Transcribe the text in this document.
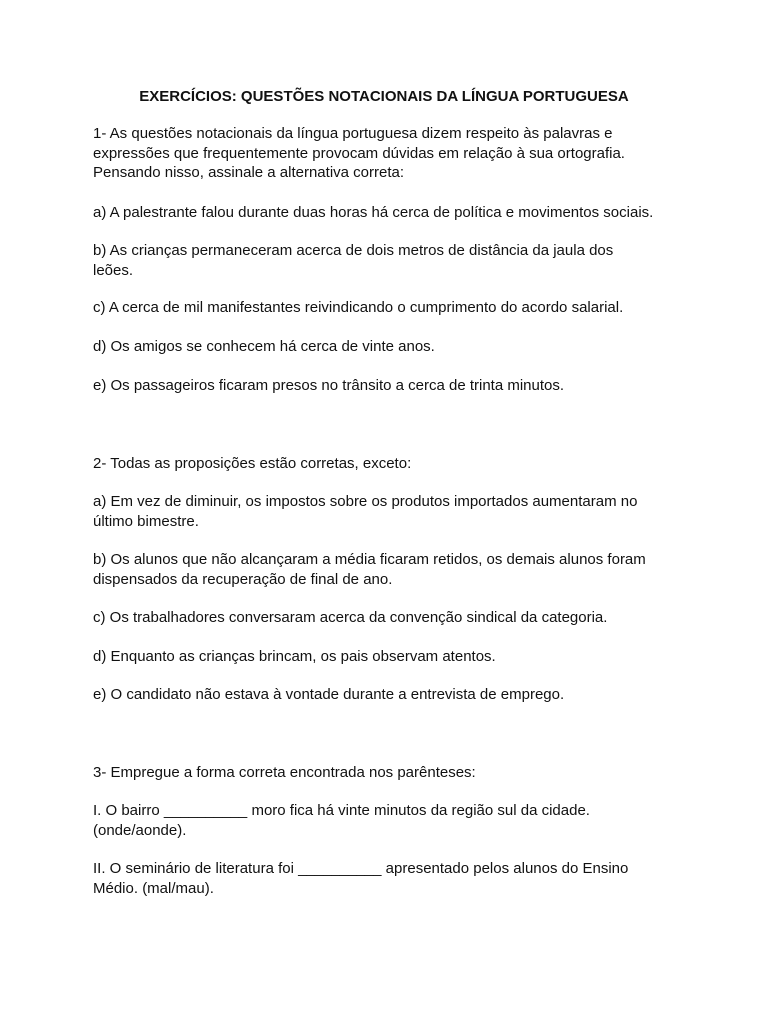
EXERCÍCIOS: QUESTÕES NOTACIONAIS DA LÍNGUA PORTUGUESA

1- As questões notacionais da língua portuguesa dizem respeito às palavras e
expressões que frequentemente provocam dúvidas em relação à sua ortografia.
Pensando nisso, assinale a alternativa correta:

a) A palestrante falou durante duas horas há cerca de política e movimentos sociais.

b) As crianças permaneceram acerca de dois metros de distância da jaula dos
leões.

c) A cerca de mil manifestantes reivindicando o cumprimento do acordo salarial.

d) Os amigos se conhecem há cerca de vinte anos.

e) Os passageiros ficaram presos no trânsito a cerca de trinta minutos.

2- Todas as proposições estão corretas, exceto:

a) Em vez de diminuir, os impostos sobre os produtos importados aumentaram no
último bimestre.

b) Os alunos que não alcançaram a média ficaram retidos, os demais alunos foram
dispensados da recuperação de final de ano.

c) Os trabalhadores conversaram acerca da convenção sindical da categoria.

d) Enquanto as crianças brincam, os pais observam atentos.

e) O candidato não estava à vontade durante a entrevista de emprego.

3- Empregue a forma correta encontrada nos parênteses:

I. O bairro __________ moro fica há vinte minutos da região sul da cidade.
(onde/aonde).

II. O seminário de literatura foi __________ apresentado pelos alunos do Ensino
Médio. (mal/mau).
